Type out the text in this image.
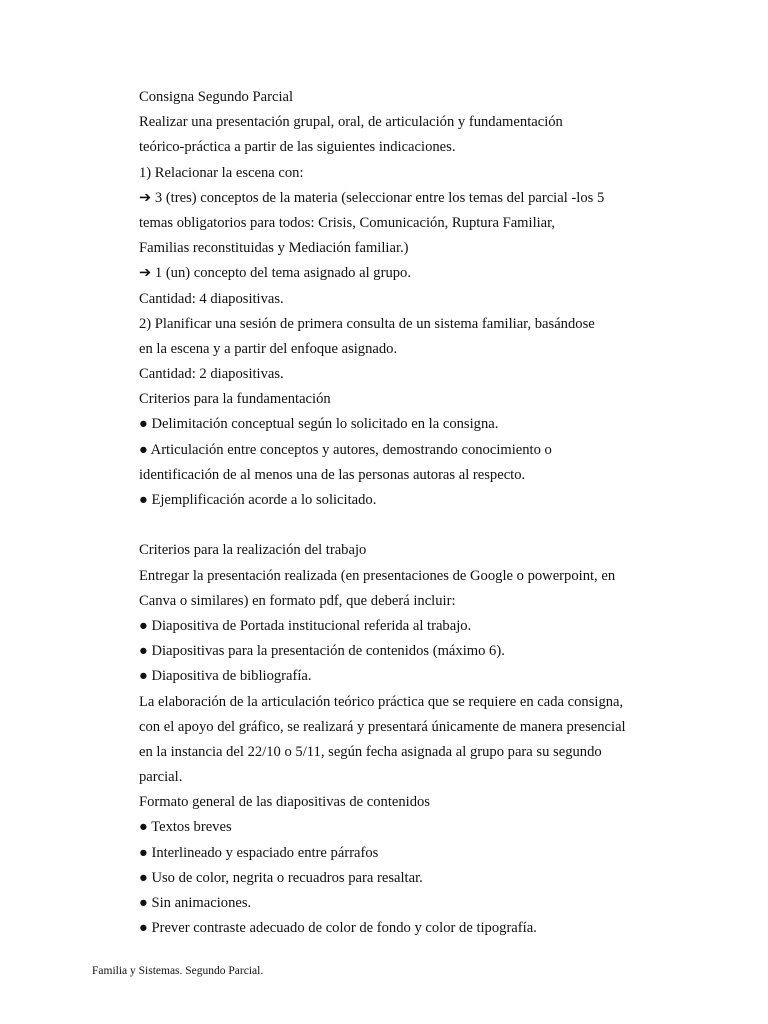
Consigna Segundo Parcial
Realizar una presentación grupal, oral, de articulación y fundamentación
teórico-práctica a partir de las siguientes indicaciones.
1) Relacionar la escena con:
➔ 3 (tres) conceptos de la materia (seleccionar entre los temas del parcial -los 5
temas obligatorios para todos: Crisis, Comunicación, Ruptura Familiar,
Familias reconstituidas y Mediación familiar.)
➔ 1 (un) concepto del tema asignado al grupo.
Cantidad: 4 diapositivas.
2) Planificar una sesión de primera consulta de un sistema familiar, basándose
en la escena y a partir del enfoque asignado.
Cantidad: 2 diapositivas.
Criterios para la fundamentación
● Delimitación conceptual según lo solicitado en la consigna.
● Articulación entre conceptos y autores, demostrando conocimiento o
identificación de al menos una de las personas autoras al respecto.
● Ejemplificación acorde a lo solicitado.
Criterios para la realización del trabajo
Entregar la presentación realizada (en presentaciones de Google o powerpoint, en
Canva o similares) en formato pdf, que deberá incluir:
● Diapositiva de Portada institucional referida al trabajo.
● Diapositivas para la presentación de contenidos (máximo 6).
● Diapositiva de bibliografía.
La elaboración de la articulación teórico práctica que se requiere en cada consigna,
con el apoyo del gráfico, se realizará y presentará únicamente de manera presencial
en la instancia del 22/10 o 5/11, según fecha asignada al grupo para su segundo
parcial.
Formato general de las diapositivas de contenidos
● Textos breves
● Interlineado y espaciado entre párrafos
● Uso de color, negrita o recuadros para resaltar.
● Sin animaciones.
● Prever contraste adecuado de color de fondo y color de tipografía.
Familia y Sistemas. Segundo Parcial.
